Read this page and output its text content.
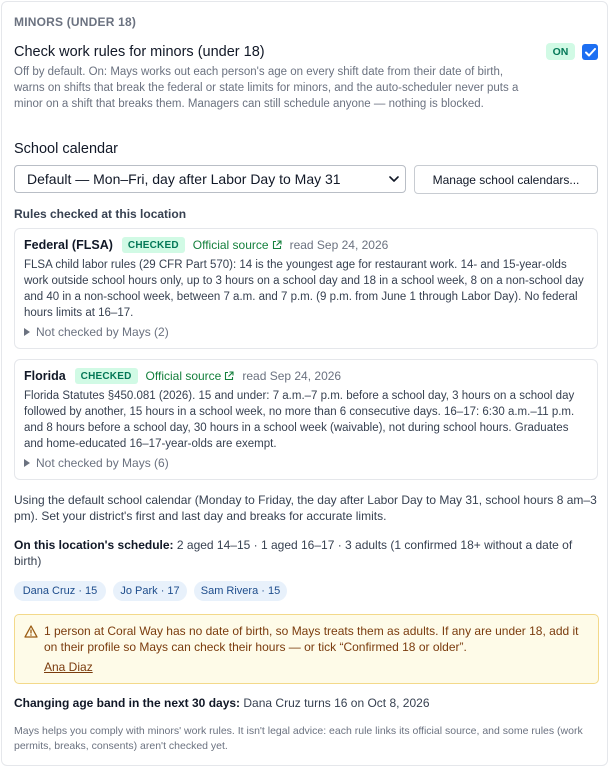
MINORS (UNDER 18)
Check work rules for minors (under 18)	ON
Off by default. On: Mays works out each person's age on every shift date from their date of birth, warns on shifts that break the federal or state limits for minors, and the auto-scheduler never puts a minor on a shift that breaks them. Managers can still schedule anyone — nothing is blocked.
School calendar
Default — Mon–Fri, day after Labor Day to May 31	Manage school calendars...
Rules checked at this location
Federal (FLSA)	CHECKED	Official source read Sep 24, 2026
FLSA child labor rules (29 CFR Part 570): 14 is the youngest age for restaurant work. 14- and 15-year-olds work outside school hours only, up to 3 hours on a school day and 18 in a school week, 8 on a non-school day and 40 in a non-school week, between 7 a.m. and 7 p.m. (9 p.m. from June 1 through Labor Day). No federal hours limits at 16–17.
Not checked by Mays (2)
Florida	CHECKED	Official source read Sep 24, 2026
Florida Statutes §450.081 (2026). 15 and under: 7 a.m.–7 p.m. before a school day, 3 hours on a school day followed by another, 15 hours in a school week, no more than 6 consecutive days. 16–17: 6:30 a.m.–11 p.m. and 8 hours before a school day, 30 hours in a school week (waivable), not during school hours. Graduates and home-educated 16–17-year-olds are exempt.
Not checked by Mays (6)
Using the default school calendar (Monday to Friday, the day after Labor Day to May 31, school hours 8 am–3 pm). Set your district's first and last day and breaks for accurate limits.
On this location's schedule: 2 aged 14–15 · 1 aged 16–17 · 3 adults (1 confirmed 18+ without a date of birth)
Dana Cruz · 15	Jo Park · 17	Sam Rivera · 15
1 person at Coral Way has no date of birth, so Mays treats them as adults. If any are under 18, add it on their profile so Mays can check their hours — or tick “Confirmed 18 or older”.
Ana Diaz
Changing age band in the next 30 days: Dana Cruz turns 16 on Oct 8, 2026
Mays helps you comply with minors' work rules. It isn't legal advice: each rule links its official source, and some rules (work permits, breaks, consents) aren't checked yet.
